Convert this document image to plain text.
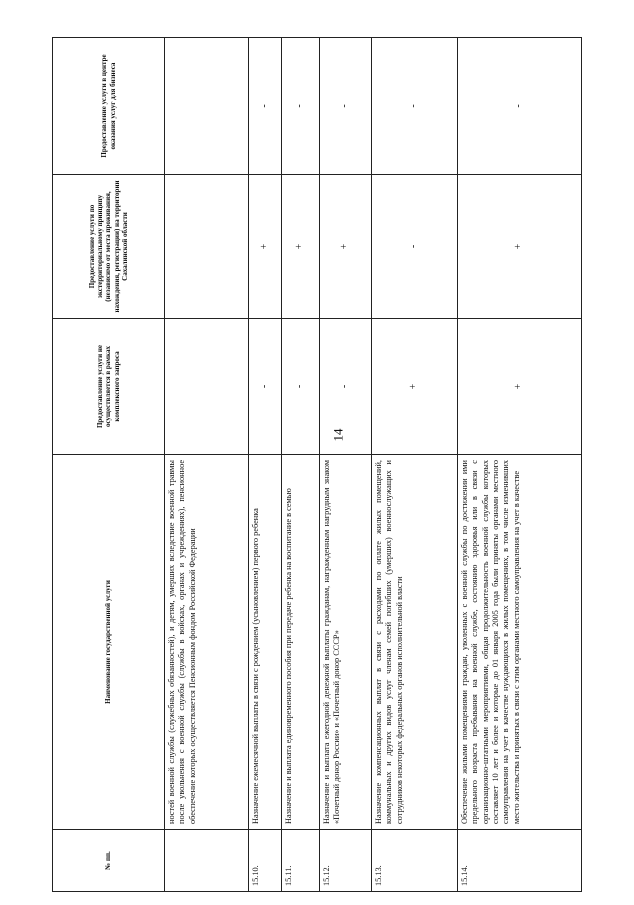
14
№ пп.	Наименование государственной услуги	Предоставление услуги не осуществляется в рамках комплексного запроса	Предоставление услуги по экстерриториальному принципу (независимо от места проживания, нахождения, регистрации) на территории Сахалинской области	Предоставление услуги в центре оказания услуг для бизнеса
	ностей военной службы (служебных обязанностей), и детям, умерших вследствие военной травмы после увольнения с военной службы (службы в войсках, органах и учреждениях), пенсионное обеспечение которых осуществляется Пенсионным фондом Российской Федерации			
15.10.	Назначение ежемесячной выплаты в связи с рождением (усыновлением) первого ребенка	-	+	-
15.11.	Назначение и выплата единовременного пособия при передаче ребенка на воспитание в семью	-	+	-
15.12.	Назначение и выплата ежегодной денежной выплаты гражданам, награжденным нагрудным знаком «Почетный донор России» и «Почетный донор СССР»	-	+	-
15.13.	Назначение компенсационных выплат в связи с расходами по оплате жилых помещений, коммунальных и других видов услуг членам семей погибших (умерших) военнослужащих и сотрудников некоторых федеральных органов исполнительной власти	+	-	-
15.14.	Обеспечение жилыми помещениями граждан, уволенных с военной службы по достижении ими предельного возраста пребывания на военной службе, состоянию здоровья или в связи с организационно-штатными мероприятиями, общая продолжительность военной службы которых составляет 10 лет и более и которые до 01 января 2005 года были приняты органами местного самоуправления на учет в качестве нуждающихся в жилых помещениях, в том числе изменивших место жительства и принятых в связи с этим органами местного самоуправления на учет в качестве	+	+	-
